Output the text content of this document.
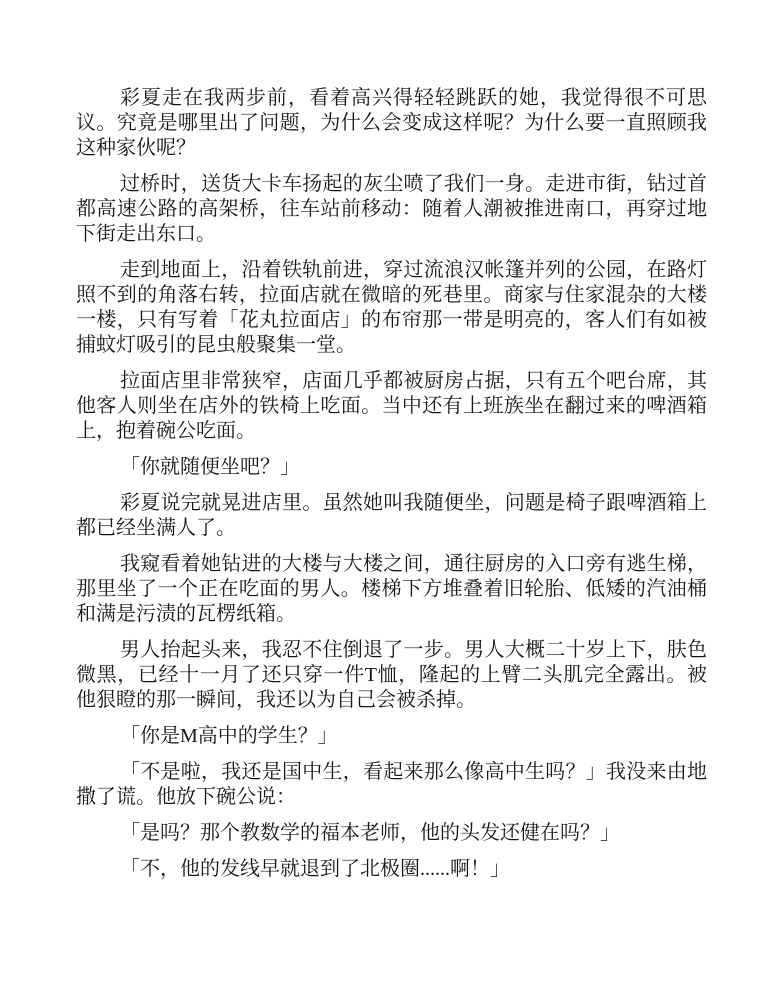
彩夏走在我两步前，看着高兴得轻轻跳跃的她，我觉得很不可思议。究竟是哪里出了问题，为什么会变成这样呢？为什么要一直照顾我这种家伙呢？

过桥时，送货大卡车扬起的灰尘喷了我们一身。走进市街，钻过首都高速公路的高架桥，往车站前移动：随着人潮被推进南口，再穿过地下街走出东口。

走到地面上，沿着铁轨前进，穿过流浪汉帐篷并列的公园，在路灯照不到的角落右转，拉面店就在微暗的死巷里。商家与住家混杂的大楼一楼，只有写着「花丸拉面店」的布帘那一带是明亮的，客人们有如被捕蚊灯吸引的昆虫般聚集一堂。

拉面店里非常狭窄，店面几乎都被厨房占据，只有五个吧台席，其他客人则坐在店外的铁椅上吃面。当中还有上班族坐在翻过来的啤酒箱上，抱着碗公吃面。

「你就随便坐吧？」

彩夏说完就晃进店里。虽然她叫我随便坐，问题是椅子跟啤酒箱上都已经坐满人了。

我窥看着她钻进的大楼与大楼之间，通往厨房的入口旁有逃生梯，那里坐了一个正在吃面的男人。楼梯下方堆叠着旧轮胎、低矮的汽油桶和满是污渍的瓦楞纸箱。

男人抬起头来，我忍不住倒退了一步。男人大概二十岁上下，肤色微黑，已经十一月了还只穿一件T恤，隆起的上臂二头肌完全露出。被他狠瞪的那一瞬间，我还以为自己会被杀掉。

「你是M高中的学生？」

「不是啦，我还是国中生，看起来那么像高中生吗？」我没来由地撒了谎。他放下碗公说：

「是吗？那个教数学的福本老师，他的头发还健在吗？」

「不，他的发线早就退到了北极圈......啊！」
